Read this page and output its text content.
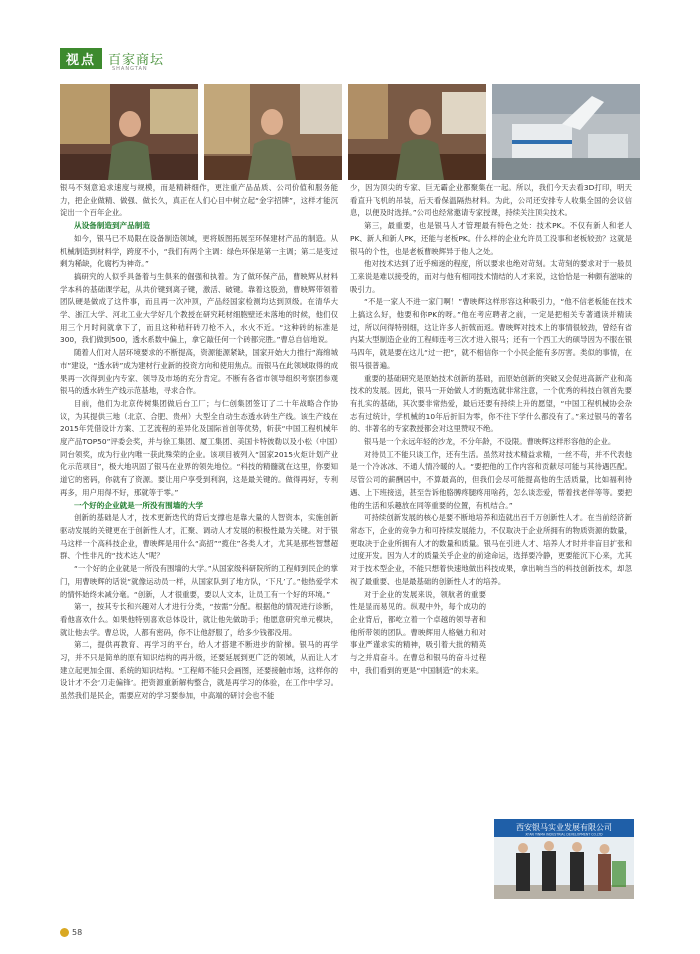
视点 百家商坛
SHANGTAN

银马不刻意追求速度与规模，而是精耕细作，更注重产品品质、公司价值和服务能力，把企业做精、做强、做长久，真正在人们心目中树立起“金字招牌”，这样才能沉淀出一个百年企业。

从设备制造到产品制造

如今，银马已不局限在设备制造领域，更将版图拓展至环保建材产品的制造。从机械制造到材料学，跨度不小，“我们有两个主调：绿色环保是第一主调；第二是变过剩为稀缺，化腐朽为神奇。”

搞研究的人似乎具备着与生俱来的倔强和执着。为了做环保产品，曹映辉从材料学本科的基础课学起，从共价键到离子键，激活、破键。靠着这股劲，曹映辉带领着团队硬是做成了这件事，而且再一次冲顶，产品经国家检测均达到顶级。在清华大学、浙江大学、河北工业大学好几个教授在研究耗材细胞壁还未落地的时候，他们仅用三个月时间就拿下了，而且这种秸秆砖刀枪不入，水火不近。“这种砖的标准是300，我们做到500，透水系数中偏上，拿它敲任何一个砖都完胜。”曹总自信地说。

随着人们对人居环境要求的不断提高，资源能源紧缺，国家开始大力推行“海绵城市”建设，“透水砖”成为建材行业新的投资方向和使用焦点。而银马在此领域取得的成果再一次得到业内专家、领导及市场的充分肯定。不断有各省市领导组织考察团参观银马的透水砖生产线示范基地，寻求合作。

目前，他们为北京传树集团做后台工厂；与仁创集团签订了二十年战略合作协议，为其提供三地（北京、合肥、贵州）大型全自动生态透水砖生产线。该生产线在2015年凭借设计方案、工艺流程的差异化及国际首创等优势，斩获“中国工程机械年度产品TOP50”评委会奖，并与徐工集团、厦工集团、美国卡特彼勒以及小松（中国）同台领奖，成为行业内唯一获此殊荣的企业。该项目被列入“国家2015火炬计划产业化示范项目”，极大地巩固了银马在业界的领先地位。“科技的精髓就在这里，你要知道它的密码，你就有了资源。要让用户享受到利润，这是最关键的。做得再好，专利再多，用户用得不好，那就等于零。”

一个好的企业就是一所没有围墙的大学

创新的基础是人才，技术更新迭代的背后支撑也是靠大量的人智资本，实施创新驱动发展的关键更在于创新性人才，汇聚、调动人才发展的积极性最为关键。对于银马这样一个高科技企业，曹映辉是用什么“高招”“揽住”各类人才，尤其是那些智慧超群、个性非凡的“技术达人”呢？

“一个好的企业就是一所没有围墙的大学。”从国家级科研院所的工程师到民企的掌门，用曹映辉的话说“就像运动员一样，从国家队到了地方队，‘下凡’了。”他热爱学术的情怀始终未减分毫。“创新，人才很重要，要以人文本，让员工有一个好的环境。”

第一，按其专长和兴趣对人才进行分类，“按需”分配。根据他的情况进行诊断，看他喜欢什么。如果他特别喜欢总体设计，就让他先做助手；他愿意研究单元模块，就让他去学。曹总说，人都有密码，你不让他舒服了，给多少钱都没用。

第二，提供再教育、再学习的平台，给人才搭建不断进步的阶梯。银马的再学习，并不只是简单的原有知识结构的再升级，还要延展到更广泛的领域，从而让人才建立起更加全面、系统的知识结构。“工程师不能只会画图，还要接触市场，这样你的设计才不会‘刀走偏锋’。把资源重新解构整合，就是再学习的体验，在工作中学习。虽然我们是民企，需要应对的学习要参加，中高端的研讨会也不能

少，因为顶尖的专家、巨无霸企业都聚集在一起。所以，我们今天去看3D打印，明天看直升飞机的吊装，后天看保温隔热材料。为此，公司还安排专人收集全国的会议信息，以便及时选择。”公司也经常邀请专家授课，持续关注顶尖技术。

第三，最重要，也是银马人才管理最有特色之处：技术PK。不仅有新人和老人PK、新人和新人PK，还能与老板PK。什么样的企业允许员工没事和老板较劲？这就是银马的个性，也是老板曹映辉异于他人之处。

他对技术达到了近乎痴迷的程度，所以要求也绝对苛刻。太苛刻的要求对于一般员工来说是难以接受的，而对与他有相同技术情结的人才来说，这恰恰是一种颇有滋味的吸引力。

“不是一家人不进一家门啊！”曹映辉这样形容这种吸引力，“他不信老板能在技术上搞这么好，他要和你PK的呀。”他在考应聘者之前，一定是把相关专著通读并精读过，所以问得特别细，这让许多人折戟而返。曹映辉对技术上的事情很较劲，曾经有省内某大型制造企业的工程师连考三次才进入银马；还有一个西工大的硕导因为不服在银马四年，就是要在这儿“过一把”，就不相信你一个小民企能有多厉害。类似的事情，在银马很普遍。

重要的基础研究是原始技术创新的基础，而原始创新的突破又会促进高新产业和高技术的发展。因此，银马一开始做人才的甄选就非常注意，一个优秀的科技白领首先要有扎实的基础，其次要非常热爱，最后还要有持续上升的愿望，“中国工程机械协会杂志有过统计，学机械的10年后折旧为零，你不往下学什么都没有了。”来过银马的著名的、非著名的专家教授都会对这里赞叹不绝。

银马是一个永远年轻的沙龙，不分年龄，不设限。曹映辉这样形容他的企业。

对待员工不能只谈工作，还有生活。虽然对技术精益求精，一丝不苟，并不代表他是一个冷冰冰、不通人情冷暖的人。“要把他的工作内容和贡献尽可能与其待遇匹配。尽管公司的薪酬居中，不算最高的，但我们会尽可能提高他的生活质量，比如福利待遇、上下班接送，甚至告诉他胳膊疼腿疼用啥药，怎么谈恋爱，帮着找老伴等等。要把他的生活和乐趣放在同等重要的位置，有机结合。”

可持续创新发展的核心是要不断地培养和造就出百千万创新性人才。在当前经济新常态下，企业的竞争力和可持续发展能力，不仅取决于企业所拥有的物质资源的数量，更取决于企业所拥有人才的数量和质量。银马在引进人才、培养人才时并非盲目扩张和过度开发。因为人才的质量关乎企业的前途命运，选择要冷静，更要能沉下心来，尤其对于技术型企业，不能只想着快速地做出科技成果，拿出响当当的科技创新技术，却忽视了最重要、也是最基础的创新性人才的培养。

对于企业的发展来说，领航者的重要性是显而易见的。纵观中外，每个成功的企业背后，都屹立着一个卓越的领导者和他所带领的团队。曹映辉用人格魅力和对事业严谨求实的精神，吸引着大批的精英与之并肩奋斗。在曹总和银马的奋斗过程中，我们看到的更是“中国制造”的未来。

西安银马实业发展有限公司
XI'AN YINMA INDUSTRIAL DEVELOPMENT CO.LTD
58
